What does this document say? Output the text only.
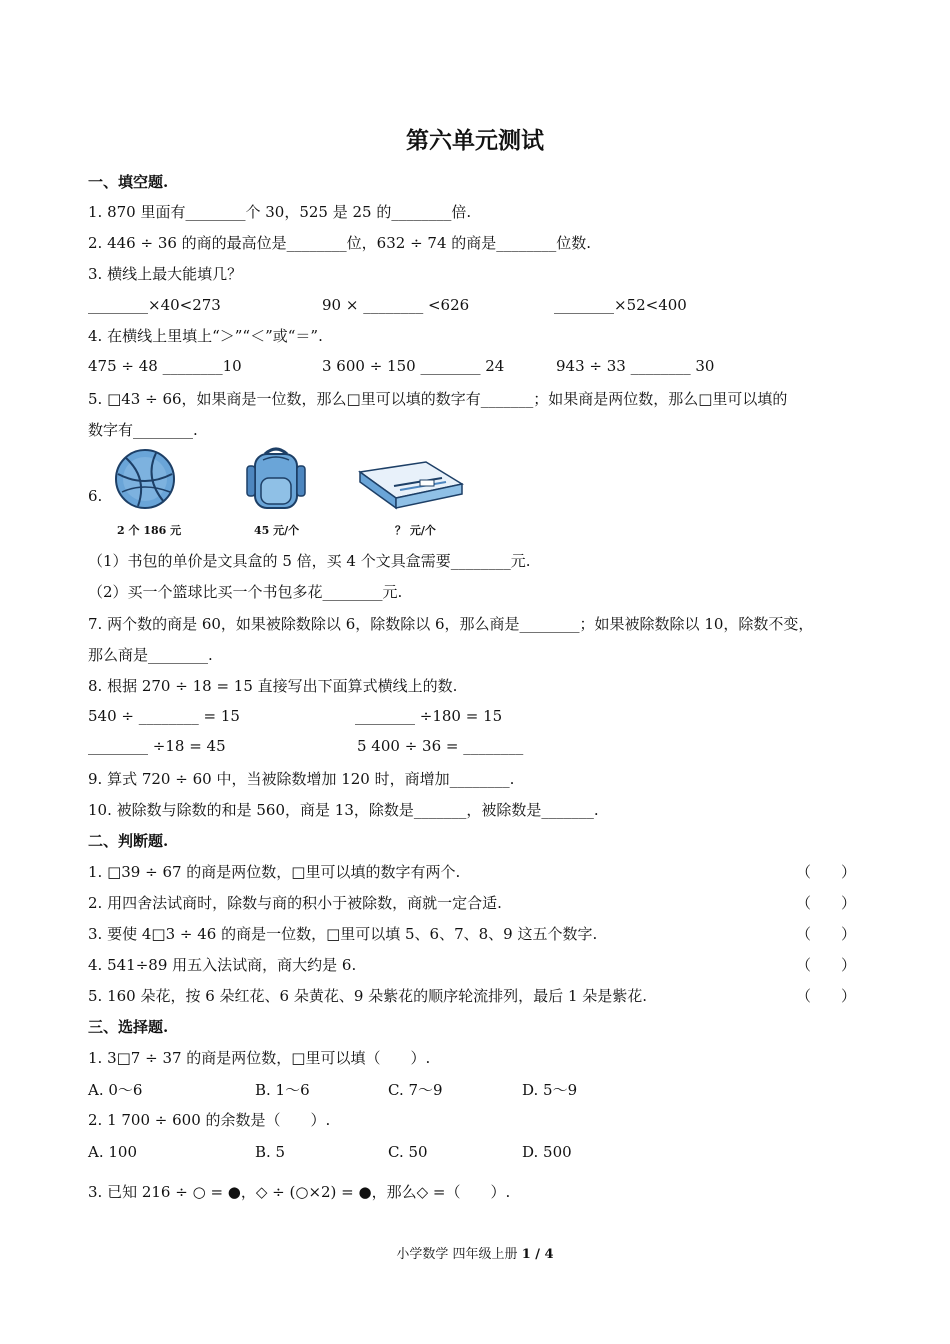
第六单元测试
一、填空题.
1. 870 里面有________个 30，525 是 25 的________倍.
2. 446 ÷ 36 的商的最高位是________位，632 ÷ 74 的商是________位数.
3. 横线上最大能填几？
________×40<273	90 × ________ <626	________×52<400
4. 在横线上里填上“＞”“＜”或“＝”.
475 ÷ 48 ________10	3 600 ÷ 150 ________ 24	943 ÷ 33 ________ 30
5. □43 ÷ 66，如果商是一位数，那么□里可以填的数字有_______；如果商是两位数，那么□里可以填的
数字有________.
6.
2 个 186 元	45 元/个	？ 元/个
（1）书包的单价是文具盒的 5 倍，买 4 个文具盒需要________元.
（2）买一个篮球比买一个书包多花________元.
7. 两个数的商是 60，如果被除数除以 6，除数除以 6，那么商是________；如果被除数除以 10，除数不变，
那么商是________.
8. 根据 270 ÷ 18 = 15 直接写出下面算式横线上的数.
540 ÷ ________ = 15	________ ÷180 = 15
________ ÷18 = 45	5 400 ÷ 36 = ________
9. 算式 720 ÷ 60 中，当被除数增加 120 时，商增加________.
10. 被除数与除数的和是 560，商是 13，除数是_______，被除数是_______.
二、判断题.
1. □39 ÷ 67 的商是两位数，□里可以填的数字有两个.	（　　）
2. 用四舍法试商时，除数与商的积小于被除数，商就一定合适.	（　　）
3. 要使 4□3 ÷ 46 的商是一位数，□里可以填 5、6、7、8、9 这五个数字.	（　　）
4. 541÷89 用五入法试商，商大约是 6.	（　　）
5. 160 朵花，按 6 朵红花、6 朵黄花、9 朵紫花的顺序轮流排列，最后 1 朵是紫花.	（　　）
三、选择题.
1. 3□7 ÷ 37 的商是两位数，□里可以填（　　）.
A. 0～6	B. 1～6	C. 7～9	D. 5～9
2. 1 700 ÷ 600 的余数是（　　）.
A. 100	B. 5	C. 50	D. 500
3. 已知 216 ÷ ○ = ●，◇ ÷ (○×2) = ●，那么◇ =（　　）.
小学数学 四年级上册 1 / 4
